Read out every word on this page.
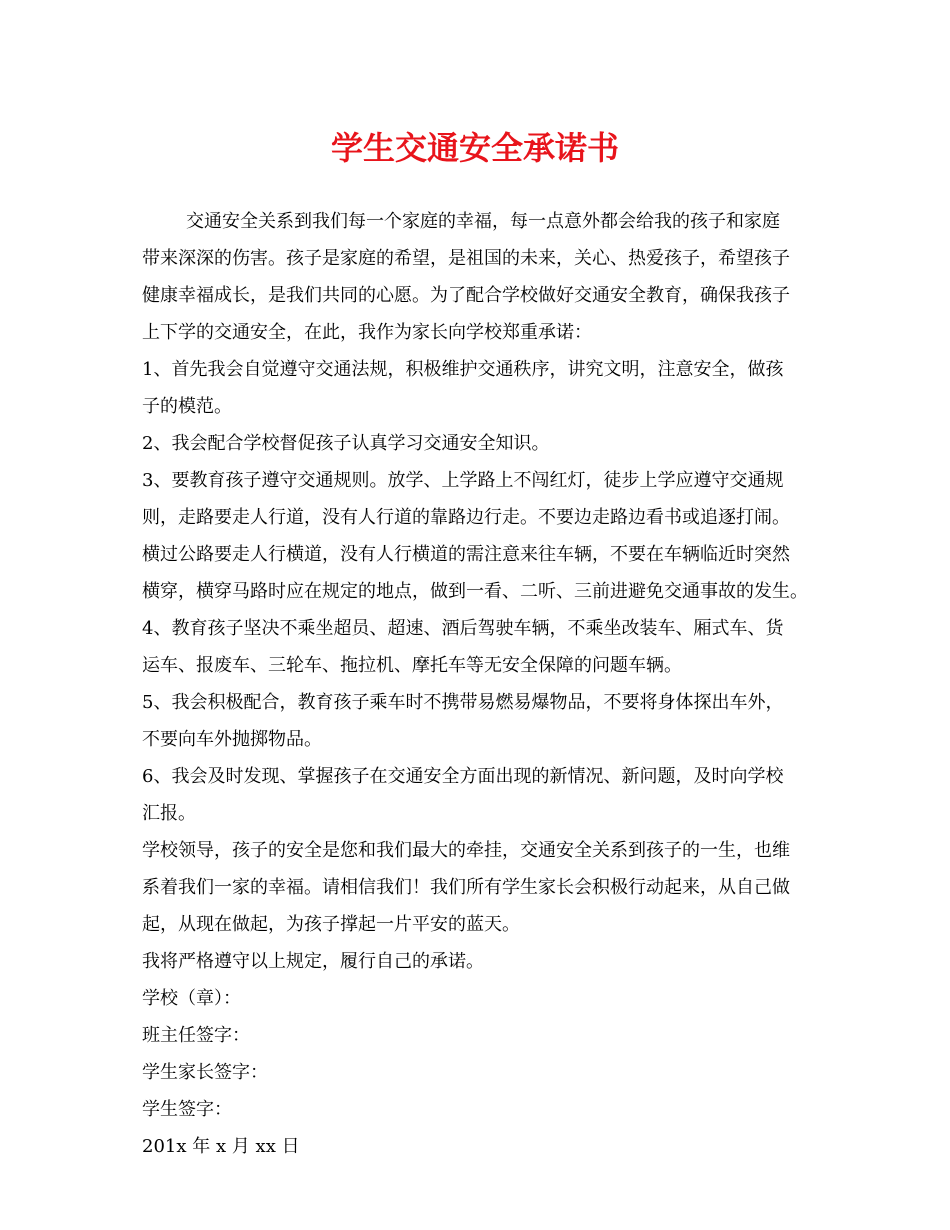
学生交通安全承诺书
交通安全关系到我们每一个家庭的幸福，每一点意外都会给我的孩子和家庭
带来深深的伤害。孩子是家庭的希望，是祖国的未来，关心、热爱孩子，希望孩子
健康幸福成长，是我们共同的心愿。为了配合学校做好交通安全教育，确保我孩子
上下学的交通安全，在此，我作为家长向学校郑重承诺：
1、首先我会自觉遵守交通法规，积极维护交通秩序，讲究文明，注意安全，做孩
子的模范。
2、我会配合学校督促孩子认真学习交通安全知识。
3、要教育孩子遵守交通规则。放学、上学路上不闯红灯，徒步上学应遵守交通规
则，走路要走人行道，没有人行道的靠路边行走。不要边走路边看书或追逐打闹。
横过公路要走人行横道，没有人行横道的需注意来往车辆，不要在车辆临近时突然
横穿，横穿马路时应在规定的地点，做到一看、二听、三前进避免交通事故的发生。
4、教育孩子坚决不乘坐超员、超速、酒后驾驶车辆，不乘坐改装车、厢式车、货
运车、报废车、三轮车、拖拉机、摩托车等无安全保障的问题车辆。
5、我会积极配合，教育孩子乘车时不携带易燃易爆物品，不要将身体探出车外，
不要向车外抛掷物品。
6、我会及时发现、掌握孩子在交通安全方面出现的新情况、新问题，及时向学校
汇报。
学校领导，孩子的安全是您和我们最大的牵挂，交通安全关系到孩子的一生，也维
系着我们一家的幸福。请相信我们！我们所有学生家长会积极行动起来，从自己做
起，从现在做起，为孩子撑起一片平安的蓝天。
我将严格遵守以上规定，履行自己的承诺。
学校（章）：
班主任签字：
学生家长签字：
学生签字：
201x 年 x 月 xx 日
